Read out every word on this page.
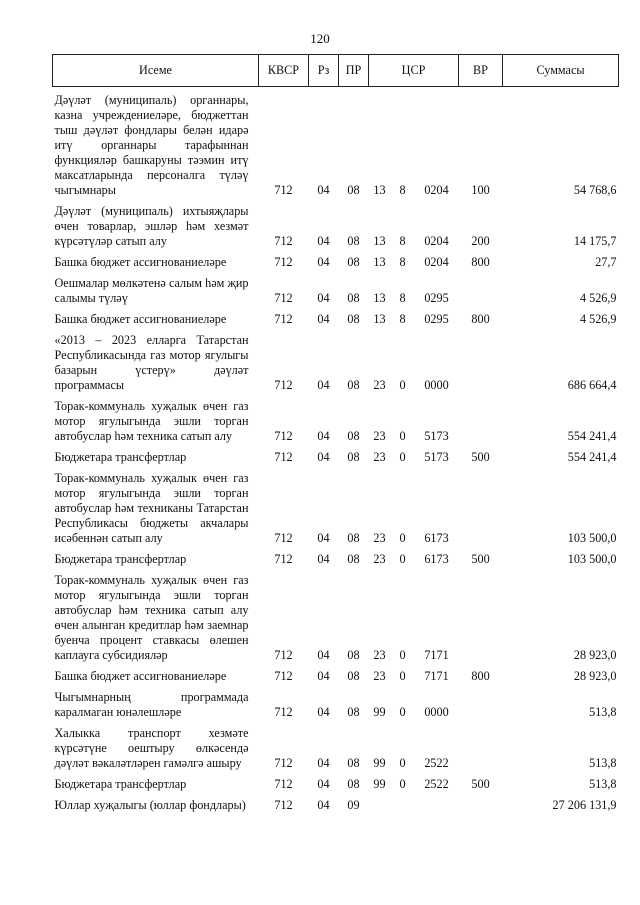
120
Исеме	КВСР	Рз	ПР	ЦСР			ВР	Суммасы
Дәүләт (муниципаль) органнары, казна учреждениеләре, бюджеттан тыш дәүләт фондлары белән идарә итү органнары тарафыннан функцияләр башкаруны тәэмин итү максатларында персоналга түләү чыгымнары	712	04	08	13	8	0204	100	54 768,6
Дәүләт (муниципаль) ихтыяҗлары өчен товарлар, эшләр һәм хезмәт күрсәтүләр сатып алу	712	04	08	13	8	0204	200	14 175,7
Башка бюджет ассигнованиеләре	712	04	08	13	8	0204	800	27,7
Оешмалар мөлкәтенә салым һәм җир салымы түләү	712	04	08	13	8	0295		4 526,9
Башка бюджет ассигнованиеләре	712	04	08	13	8	0295	800	4 526,9
«2013 – 2023 елларга Татарстан Республикасында газ мотор ягулыгы базарын үстерү» дәүләт программасы	712	04	08	23	0	0000		686 664,4
Торак-коммуналь хуҗалык өчен газ мотор ягулыгында эшли торган автобуслар һәм техника сатып алу	712	04	08	23	0	5173		554 241,4
Бюджетара трансфертлар	712	04	08	23	0	5173	500	554 241,4
Торак-коммуналь хуҗалык өчен газ мотор ягулыгында эшли торган автобуслар һәм техниканы Татарстан Республикасы бюджеты акчалары исәбеннән сатып алу	712	04	08	23	0	6173		103 500,0
Бюджетара трансфертлар	712	04	08	23	0	6173	500	103 500,0
Торак-коммуналь хуҗалык өчен газ мотор ягулыгында эшли торган автобуслар һәм техника сатып алу өчен алынган кредитлар һәм заемнар буенча процент ставкасы өлешен каплауга субсидияләр	712	04	08	23	0	7171		28 923,0
Башка бюджет ассигнованиеләре	712	04	08	23	0	7171	800	28 923,0
Чыгымнарның программада каралмаган юнәлешләре	712	04	08	99	0	0000		513,8
Халыкка транспорт хезмәте күрсәтүне оештыру өлкәсендә дәүләт вәкаләтләрен гамәлгә ашыру	712	04	08	99	0	2522		513,8
Бюджетара трансфертлар	712	04	08	99	0	2522	500	513,8
Юллар хуҗалыгы (юллар фондлары)	712	04	09					27 206 131,9
